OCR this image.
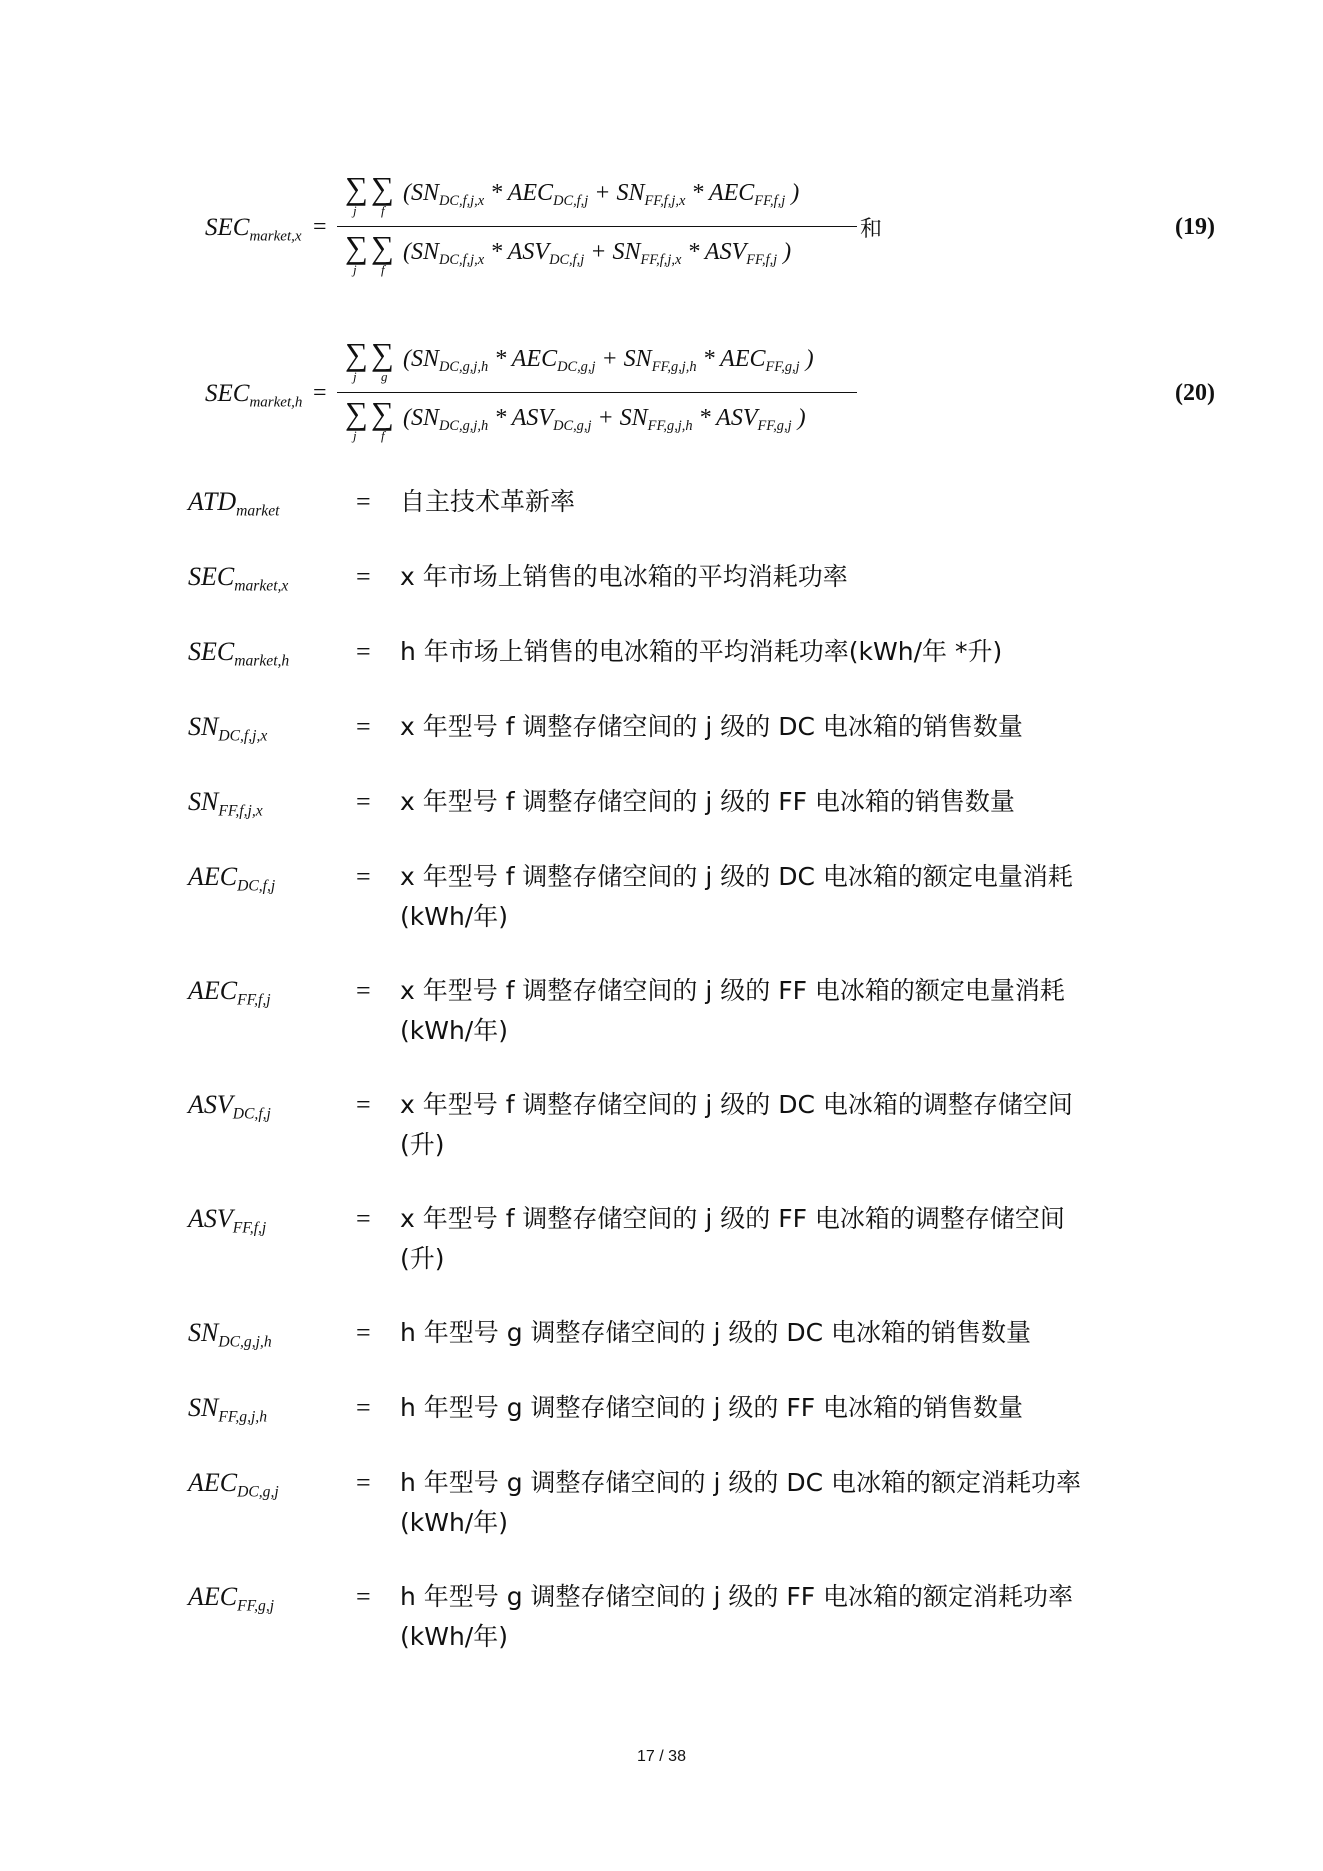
$SEC_{market,x}$ =
∑ ∑
j f
($SN_{DC,f,j,x} * AEC_{DC,f,j} + SN_{FF,f,j,x} * AEC_{FF,f,j}$ )
∑ ∑
j f
($SN_{DC,f,j,x} * ASV_{DC,f,j} + SN_{FF,f,j,x} * ASV_{FF,f,j}$ )
和	(19)
$SEC_{market,h}$ =
∑ ∑
j g
($SN_{DC,g,j,h} * AEC_{DC,g,j} + SN_{FF,g,j,h} * AEC_{FF,g,j}$ )
∑ ∑
j f
($SN_{DC,g,j,h} * ASV_{DC,g,j} + SN_{FF,g,j,h} * ASV_{FF,g,j}$ )
(20)
$ATD_{market}$	= 自主技术革新率
$SEC_{market,x}$	= x 年市场上销售的电冰箱的平均消耗功率
$SEC_{market,h}$	= h 年市场上销售的电冰箱的平均消耗功率(kWh/年 *升)
$SN_{DC,f,j,x}$	= x 年型号 f 调整存储空间的 j 级的 DC 电冰箱的销售数量
$SN_{FF,f,j,x}$	= x 年型号 f 调整存储空间的 j 级的 FF 电冰箱的销售数量
$AEC_{DC,f,j}$	= x 年型号 f 调整存储空间的 j 级的 DC 电冰箱的额定电量消耗
(kWh/年)
$AEC_{FF,f,j}$	= x 年型号 f 调整存储空间的 j 级的 FF 电冰箱的额定电量消耗
(kWh/年)
$ASV_{DC,f,j}$	= x 年型号 f 调整存储空间的 j 级的 DC 电冰箱的调整存储空间
(升)
$ASV_{FF,f,j}$	= x 年型号 f 调整存储空间的 j 级的 FF 电冰箱的调整存储空间
(升)
$SN_{DC,g,j,h}$	= h 年型号 g 调整存储空间的 j 级的 DC 电冰箱的销售数量
$SN_{FF,g,j,h}$	= h 年型号 g 调整存储空间的 j 级的 FF 电冰箱的销售数量
$AEC_{DC,g,j}$	= h 年型号 g 调整存储空间的 j 级的 DC 电冰箱的额定消耗功率
(kWh/年)
$AEC_{FF,g,j}$	= h 年型号 g 调整存储空间的 j 级的 FF 电冰箱的额定消耗功率
(kWh/年)
17 / 38
